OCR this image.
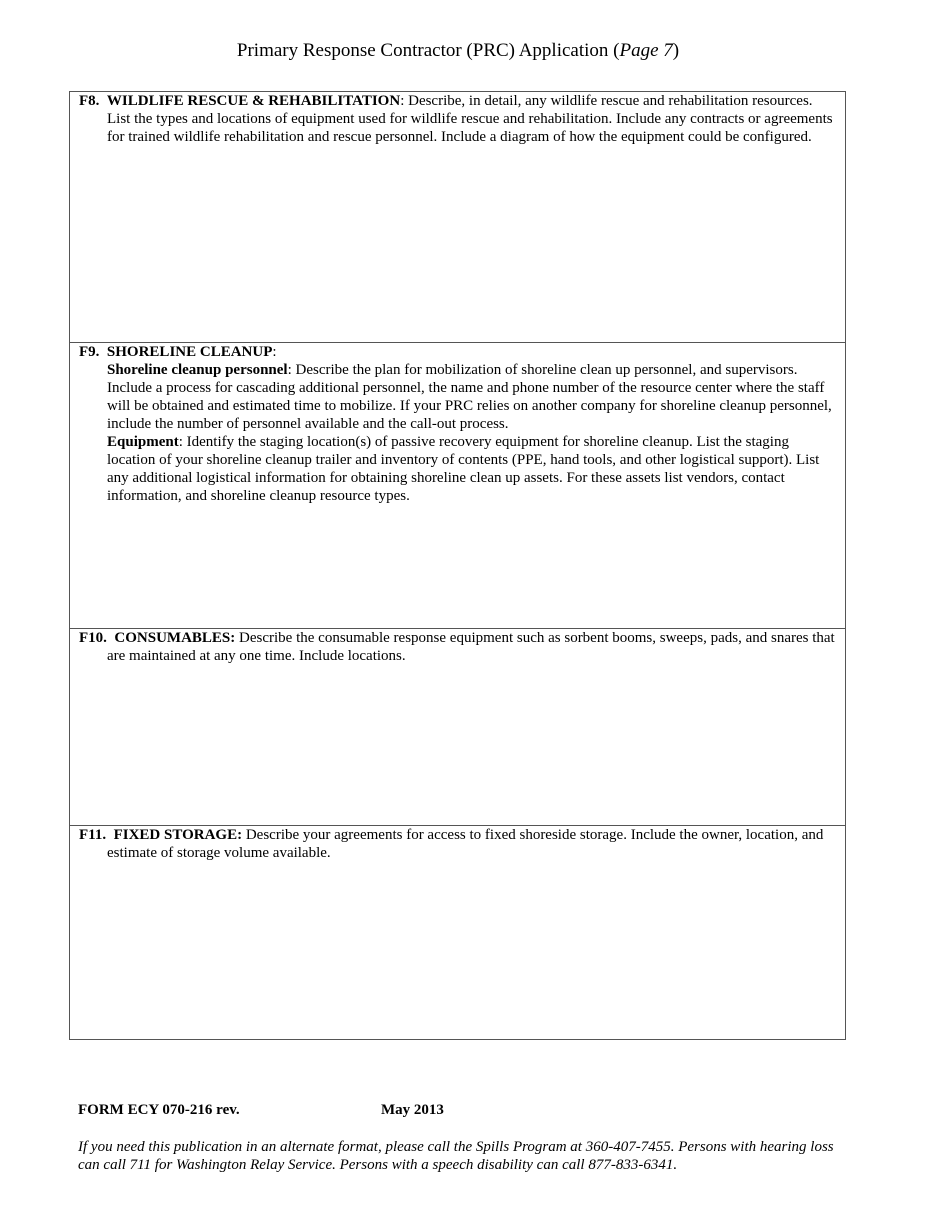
Primary Response Contractor (PRC) Application (Page 7)

F8. WILDLIFE RESCUE & REHABILITATION: Describe, in detail, any wildlife rescue and rehabilitation resources. List the types and locations of equipment used for wildlife rescue and rehabilitation. Include any contracts or agreements for trained wildlife rehabilitation and rescue personnel. Include a diagram of how the equipment could be configured.

F9. SHORELINE CLEANUP:

Shoreline cleanup personnel: Describe the plan for mobilization of shoreline clean up personnel, and supervisors. Include a process for cascading additional personnel, the name and phone number of the resource center where the staff will be obtained and estimated time to mobilize. If your PRC relies on another company for shoreline cleanup personnel, include the number of personnel available and the call-out process.

Equipment: Identify the staging location(s) of passive recovery equipment for shoreline cleanup. List the staging location of your shoreline cleanup trailer and inventory of contents (PPE, hand tools, and other logistical support). List any additional logistical information for obtaining shoreline clean up assets. For these assets list vendors, contact information, and shoreline cleanup resource types.

F10. CONSUMABLES: Describe the consumable response equipment such as sorbent booms, sweeps, pads, and snares that are maintained at any one time. Include locations.

F11. FIXED STORAGE: Describe your agreements for access to fixed shoreside storage. Include the owner, location, and estimate of storage volume available.

FORM ECY 070-216 rev.	May 2013
If you need this publication in an alternate format, please call the Spills Program at 360-407-7455. Persons with hearing loss can call 711 for Washington Relay Service. Persons with a speech disability can call 877-833-6341.
